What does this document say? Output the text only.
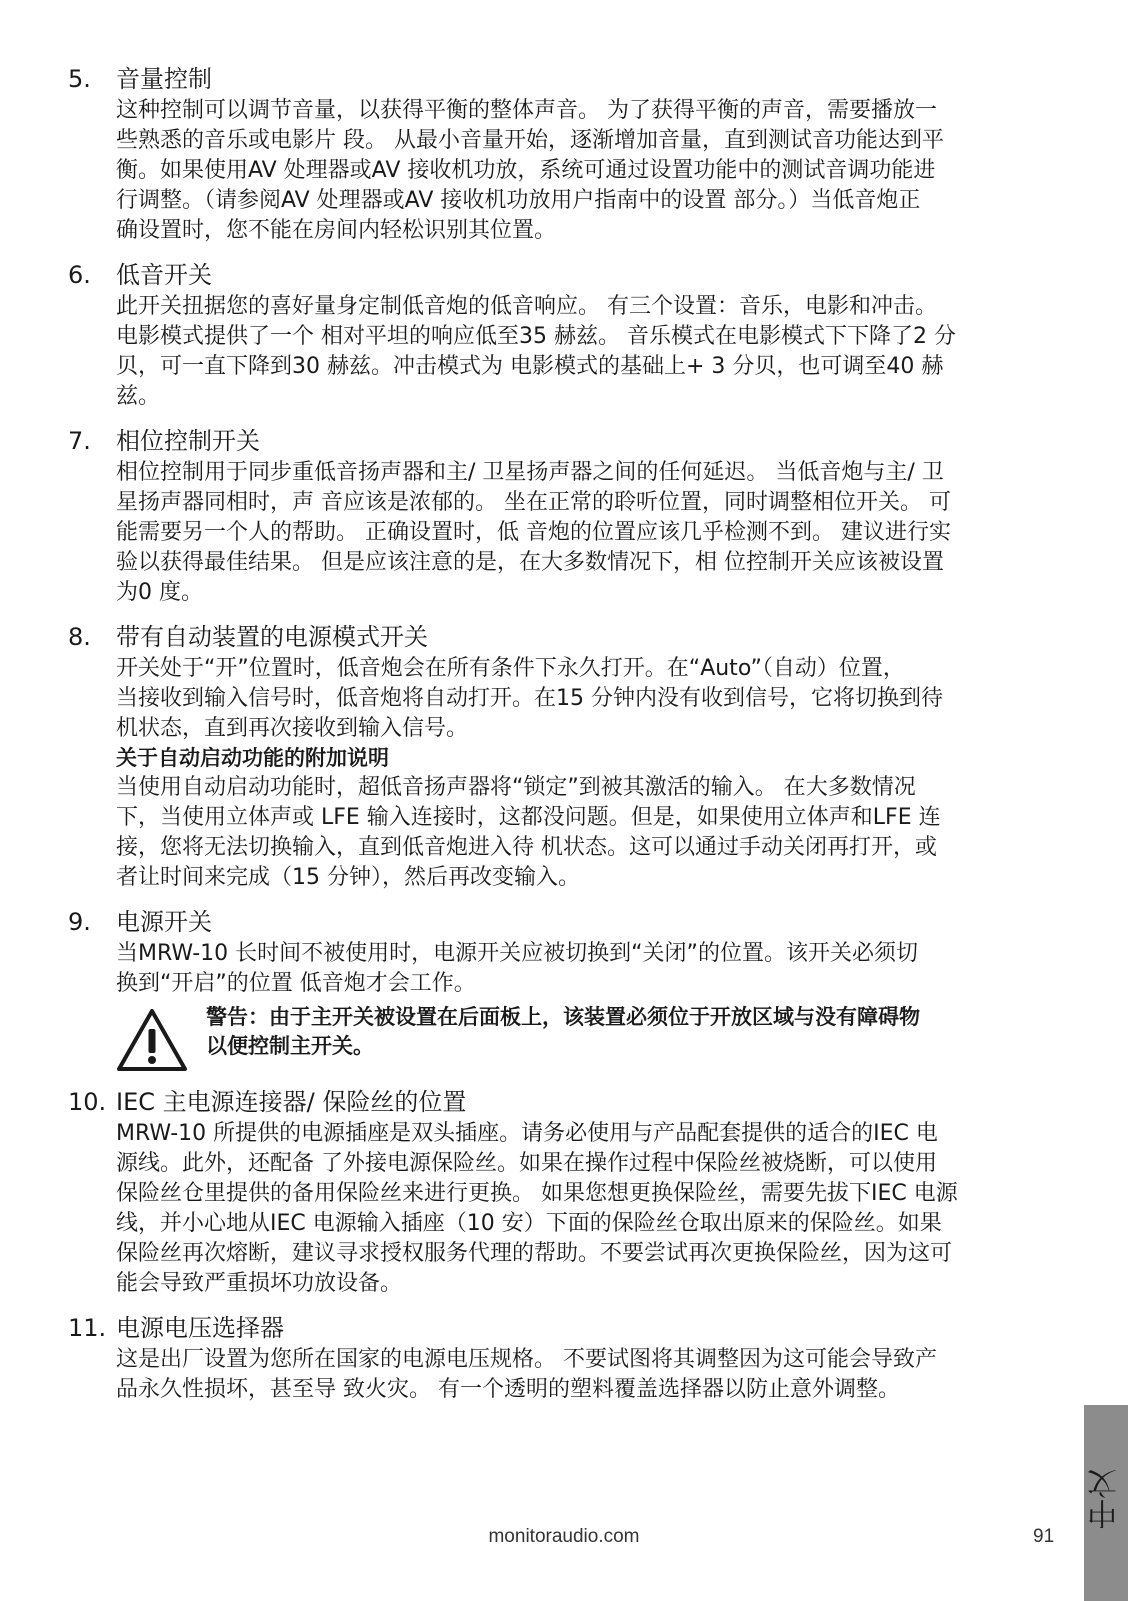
5. 音量控制
这种控制可以调节音量，以获得平衡的整体声音。 为了获得平衡的声音，需要播放一
些熟悉的音乐或电影片 段。 从最小音量开始，逐渐增加音量，直到测试音功能达到平
衡。如果使用AV 处理器或AV 接收机功放，系统可通过设置功能中的测试音调功能进
行调整。（请参阅AV 处理器或AV 接收机功放用户指南中的设置 部分。）当低音炮正
确设置时，您不能在房间内轻松识别其位置。
6. 低音开关
此开关扭据您的喜好量身定制低音炮的低音响应。 有三个设置：音乐，电影和冲击。
电影模式提供了一个 相对平坦的响应低至35 赫兹。 音乐模式在电影模式下下降了2 分
贝，可一直下降到30 赫兹。冲击模式为 电影模式的基础上+ 3 分贝，也可调至40 赫
兹。
7. 相位控制开关
相位控制用于同步重低音扬声器和主/ 卫星扬声器之间的任何延迟。 当低音炮与主/ 卫
星扬声器同相时，声 音应该是浓郁的。 坐在正常的聆听位置，同时调整相位开关。 可
能需要另一个人的帮助。 正确设置时，低 音炮的位置应该几乎检测不到。 建议进行实
验以获得最佳结果。 但是应该注意的是，在大多数情况下，相 位控制开关应该被设置
为0 度。
8. 带有自动装置的电源模式开关
开关处于“开”位置时，低音炮会在所有条件下永久打开。在“Auto”（自动）位置，
当接收到输入信号时，低音炮将自动打开。在15 分钟内没有收到信号，它将切换到待
机状态，直到再次接收到输入信号。
关于自动启动功能的附加说明
当使用自动启动功能时，超低音扬声器将“锁定”到被其激活的输入。 在大多数情况
下，当使用立体声或 LFE 输入连接时，这都没问题。但是，如果使用立体声和LFE 连
接，您将无法切换输入，直到低音炮进入待 机状态。这可以通过手动关闭再打开，或
者让时间来完成（15 分钟），然后再改变输入。
9. 电源开关
当MRW-10 长时间不被使用时，电源开关应被切换到“关闭”的位置。该开关必须切
换到“开启”的位置 低音炮才会工作。
警告：由于主开关被设置在后面板上，该装置必须位于开放区域与没有障碍物
以便控制主开关。
10. IEC 主电源连接器/ 保险丝的位置
MRW-10 所提供的电源插座是双头插座。请务必使用与产品配套提供的适合的IEC 电
源线。此外，还配备 了外接电源保险丝。如果在操作过程中保险丝被烧断，可以使用
保险丝仓里提供的备用保险丝来进行更换。 如果您想更换保险丝，需要先拔下IEC 电源
线，并小心地从IEC 电源输入插座（10 安）下面的保险丝仓取出原来的保险丝。如果
保险丝再次熔断，建议寻求授权服务代理的帮助。不要尝试再次更换保险丝，因为这可
能会导致严重损坏功放设备。
11. 电源电压选择器
这是出厂设置为您所在国家的电源电压规格。 不要试图将其调整因为这可能会导致产
品永久性损坏，甚至导 致火灾。 有一个透明的塑料覆盖选择器以防止意外调整。
monitoraudio.com	91
中文
